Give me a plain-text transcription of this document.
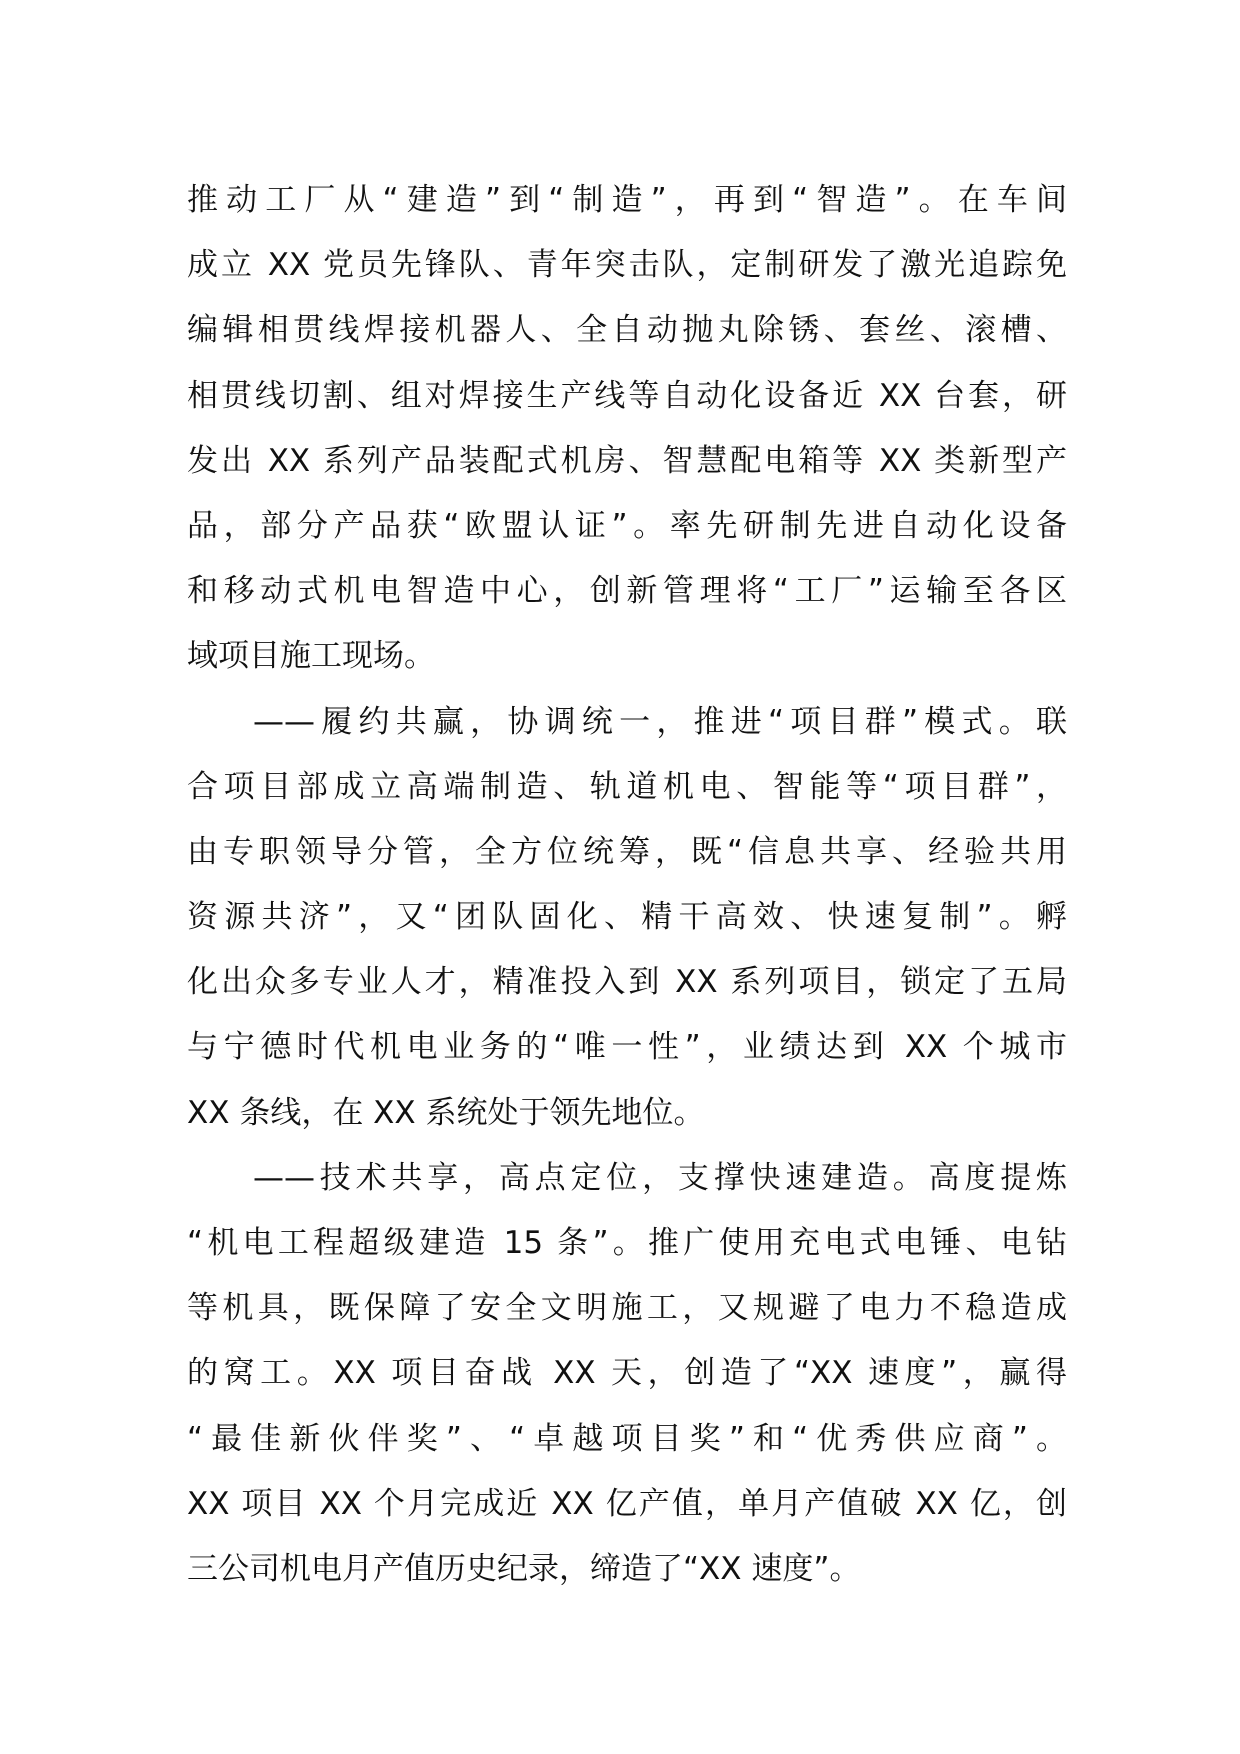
推动工厂从“建造”到“制造”，再到“智造”。在车间
成立 XX 党员先锋队、青年突击队，定制研发了激光追踪免
编辑相贯线焊接机器人、全自动抛丸除锈、套丝、滚槽、
相贯线切割、组对焊接生产线等自动化设备近 XX 台套，研
发出 XX 系列产品装配式机房、智慧配电箱等 XX 类新型产
品，部分产品获“欧盟认证”。率先研制先进自动化设备
和移动式机电智造中心，创新管理将“工厂”运输至各区
域项目施工现场。
——履约共赢，协调统一，推进“项目群”模式。联
合项目部成立高端制造、轨道机电、智能等“项目群”，
由专职领导分管，全方位统筹，既“信息共享、经验共用
资源共济”，又“团队固化、精干高效、快速复制”。孵
化出众多专业人才，精准投入到 XX 系列项目，锁定了五局
与宁德时代机电业务的“唯一性”，业绩达到 XX 个城市
XX 条线，在 XX 系统处于领先地位。
——技术共享，高点定位，支撑快速建造。高度提炼
“机电工程超级建造 15 条”。推广使用充电式电锤、电钻
等机具，既保障了安全文明施工，又规避了电力不稳造成
的窝工。XX 项目奋战 XX 天，创造了“XX 速度”，赢得
“最佳新伙伴奖”、“卓越项目奖”和“优秀供应商”。
XX 项目 XX 个月完成近 XX 亿产值，单月产值破 XX 亿，创
三公司机电月产值历史纪录，缔造了“XX 速度”。
